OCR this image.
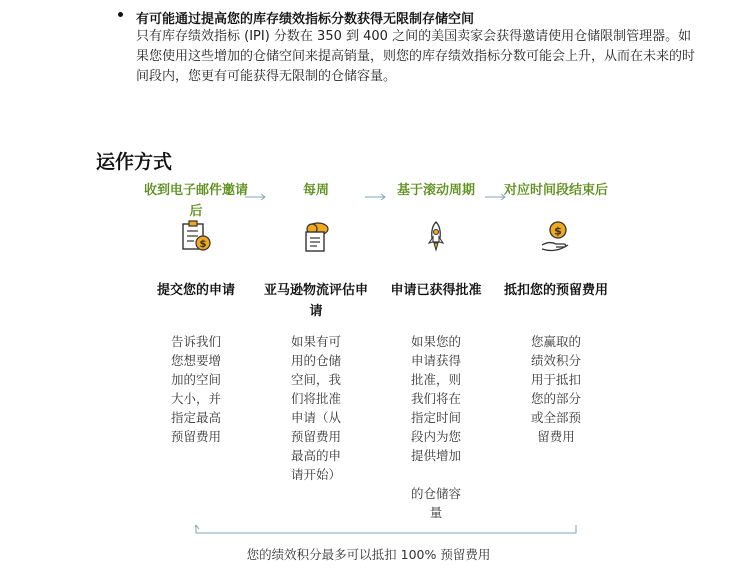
有可能通过提高您的库存绩效指标分数获得无限制存储空间
只有库存绩效指标 (IPI) 分数在 350 到 400 之间的美国卖家会获得邀请使用仓储限制管理器。如果您使用这些增加的仓储空间来提高销量，则您的库存绩效指标分数可能会上升，从而在未来的时间段内，您更有可能获得无限制的仓储容量。
运作方式
收到电子邮件邀请后
$
提交您的申请
告诉我们
您想要增
加的空间
大小，并
指定最高
预留费用
每周
亚马逊物流评估申请
如果有可
用的仓储
空间，我
们将批准
申请（从
预留费用
最高的申
请开始）
基于滚动周期
申请已获得批准
如果您的
申请获得
批准，则
我们将在
指定时间
段内为您
提供增加
的仓储容
量
对应时间段结束后
$
抵扣您的预留费用
您赢取的
绩效积分
用于抵扣
您的部分
或全部预
留费用
您的绩效积分最多可以抵扣 100% 预留费用
